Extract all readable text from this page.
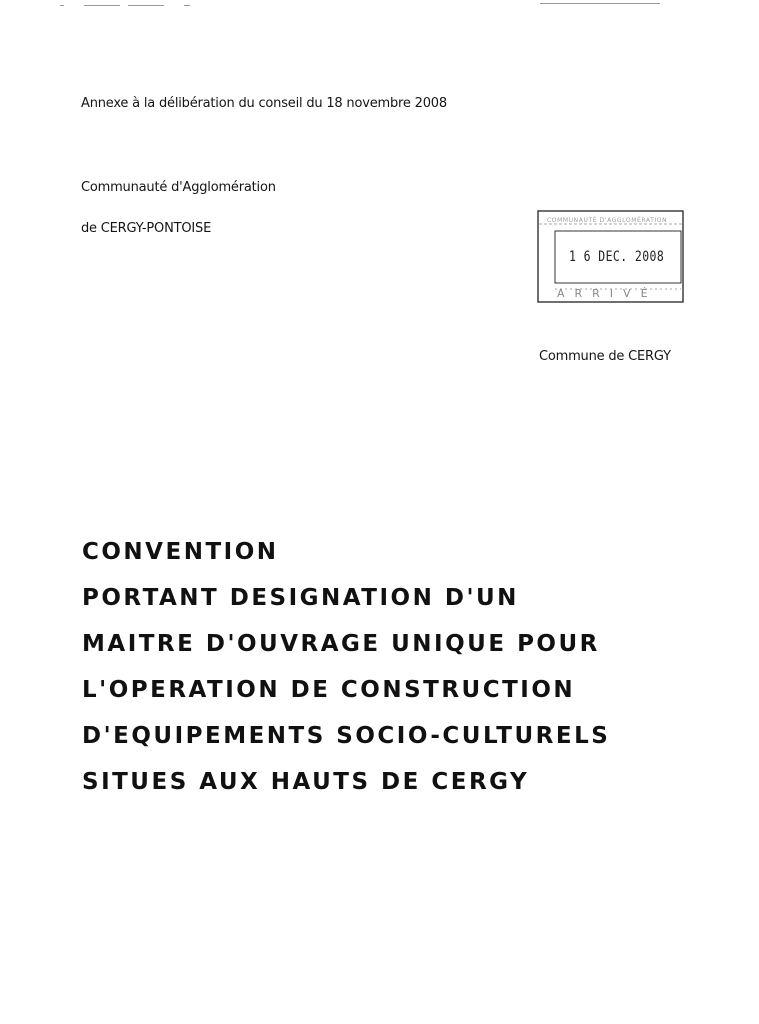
Annexe à la délibération du conseil du 18 novembre 2008
Communauté d'Agglomération
de CERGY-PONTOISE
COMMUNAUTÉ D'AGGLOMÉRATION
1 6 DEC. 2008
ARRIVÉ
Commune de CERGY
CONVENTION
PORTANT DESIGNATION D'UN
MAITRE D'OUVRAGE UNIQUE POUR
L'OPERATION DE CONSTRUCTION
D'EQUIPEMENTS SOCIO-CULTURELS
SITUES AUX HAUTS DE CERGY
